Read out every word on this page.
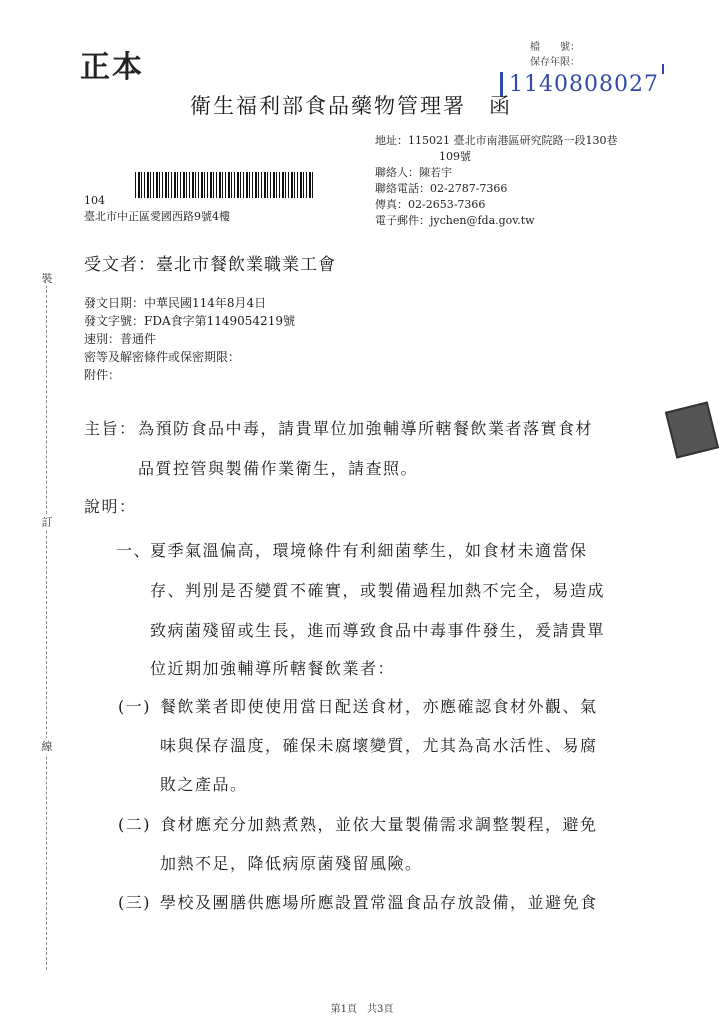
正本
檔　　號：
保存年限：
1140808027
衛生福利部食品藥物管理署　函
地址：115021 臺北市南港區研究院路一段130巷
109號
聯絡人：陳若宇
聯絡電話：02-2787-7366
傳真：02-2653-7366
電子郵件：jychen@fda.gov.tw
104
臺北市中正區愛國西路9號4樓
受文者：臺北市餐飲業職業工會
發文日期：中華民國114年8月4日
發文字號：FDA食字第1149054219號
速別：普通件
密等及解密條件或保密期限：
附件：
裝
訂
線
主旨： 為預防食品中毒，請貴單位加強輔導所轄餐飲業者落實食材
品質控管與製備作業衛生，請查照。
說明：
一、
夏季氣溫偏高，環境條件有利細菌孳生，如食材未適當保
存、判別是否變質不確實，或製備過程加熱不完全，易造成
致病菌殘留或生長，進而導致食品中毒事件發生，爰請貴單
位近期加強輔導所轄餐飲業者：
(一) 餐飲業者即使使用當日配送食材，亦應確認食材外觀、氣
味與保存溫度，確保未腐壞變質，尤其為高水活性、易腐
敗之產品。
(二) 食材應充分加熱煮熟，並依大量製備需求調整製程，避免
加熱不足，降低病原菌殘留風險。
(三) 學校及團膳供應場所應設置常溫食品存放設備，並避免食
第1頁　共3頁
